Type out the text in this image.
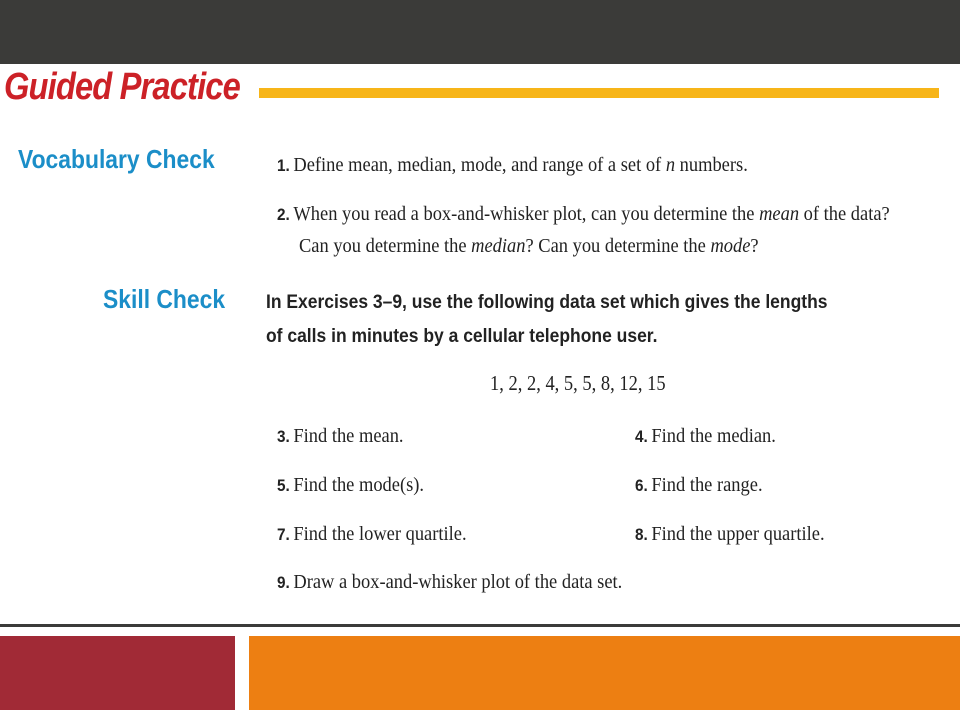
Guided Practice
Vocabulary Check	1. Define mean, median, mode, and range of a set of n numbers.
2. When you read a box-and-whisker plot, can you determine the mean of the data?
Can you determine the median? Can you determine the mode?
Skill Check In Exercises 3–9, use the following data set which gives the lengths
of calls in minutes by a cellular telephone user.
1, 2, 2, 4, 5, 5, 8, 12, 15
3. Find the mean.	4. Find the median.
5. Find the mode(s).	6. Find the range.
7. Find the lower quartile.	8. Find the upper quartile.
9. Draw a box-and-whisker plot of the data set.
